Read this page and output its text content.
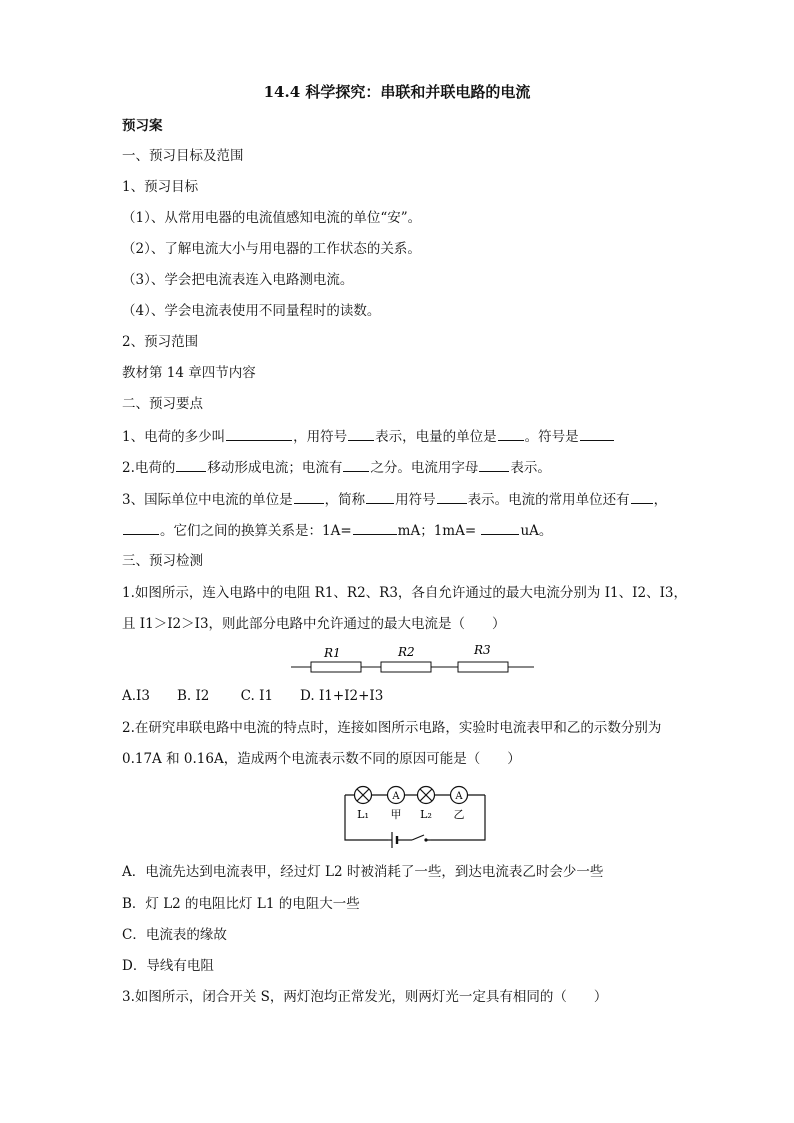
14.4 科学探究：串联和并联电路的电流
预习案
一、预习目标及范围
1、预习目标
（1）、从常用电器的电流值感知电流的单位“安”。
（2）、了解电流大小与用电器的工作状态的关系。
（3）、学会把电流表连入电路测电流。
（4）、学会电流表使用不同量程时的读数。
2、预习范围
教材第 14 章四节内容
二、预习要点
1、电荷的多少叫	，用符号 表示，电量的单位是 。符号是
2.电荷的 移动形成电流；电流有 之分。电流用字母 表示。
3、国际单位中电流的单位是 ，简称 用符号 表示。电流的常用单位还有 ，
。它们之间的换算关系是：1A=	mA；1mA=	uA。
三、预习检测
1.如图所示，连入电路中的电阻 R1、R2、R3，各自允许通过的最大电流分别为 I1、I2、I3，
且 I1＞I2＞I3，则此部分电路中允许通过的最大电流是（　　）
R1	R2	R3
A.I3　　B. I2　　 C. I1　　D. I1+I2+I3
2.在研究串联电路中电流的特点时，连接如图所示电路，实验时电流表甲和乙的示数分别为
0.17A 和 0.16A，造成两个电流表示数不同的原因可能是（　　）
A	A
L₁ 甲 L₂ 乙
A．电流先达到电流表甲，经过灯 L2 时被消耗了一些，到达电流表乙时会少一些
B．灯 L2 的电阻比灯 L1 的电阻大一些
C．电流表的缘故
D．导线有电阻
3.如图所示，闭合开关 S，两灯泡均正常发光，则两灯光一定具有相同的（　　）
